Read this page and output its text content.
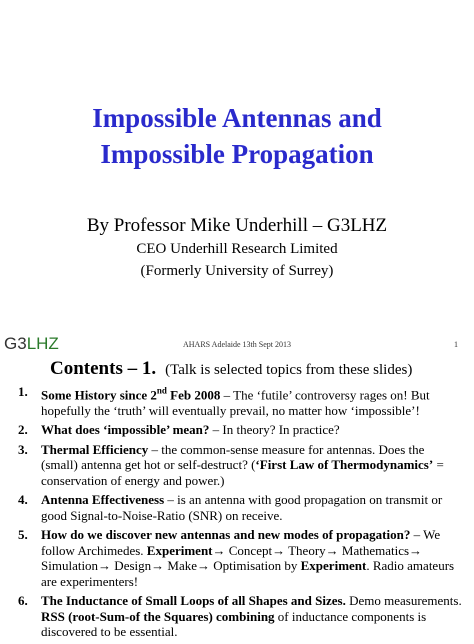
Impossible Antennas and
Impossible Propagation
By Professor Mike Underhill – G3LHZ
CEO Underhill Research Limited
(Formerly University of Surrey)
G3LHZ	AHARS Adelaide 13th Sept 2013	1
Contents – 1. (Talk is selected topics from these slides)
1. Some History since 2nd Feb 2008 – The ‘futile’ controversy rages on! But hopefully the ‘truth’ will eventually prevail, no matter how ‘impossible’!
2. What does ‘impossible’ mean? – In theory? In practice?
3. Thermal Efficiency – the common-sense measure for antennas. Does the (small) antenna get hot or self-destruct? (‘First Law of Thermodynamics’ = conservation of energy and power.)
4. Antenna Effectiveness – is an antenna with good propagation on transmit or good Signal-to-Noise-Ratio (SNR) on receive.
5. How do we discover new antennas and new modes of propagation? – We follow Archimedes. Experiment→ Concept→ Theory→ Mathematics→ Simulation→ Design→ Make→ Optimisation by Experiment. Radio amateurs are experimenters!
6. The Inductance of Small Loops of all Shapes and Sizes. Demo measurements. RSS (root-Sum-of the Squares) combining of inductance components is discovered to be essential.
